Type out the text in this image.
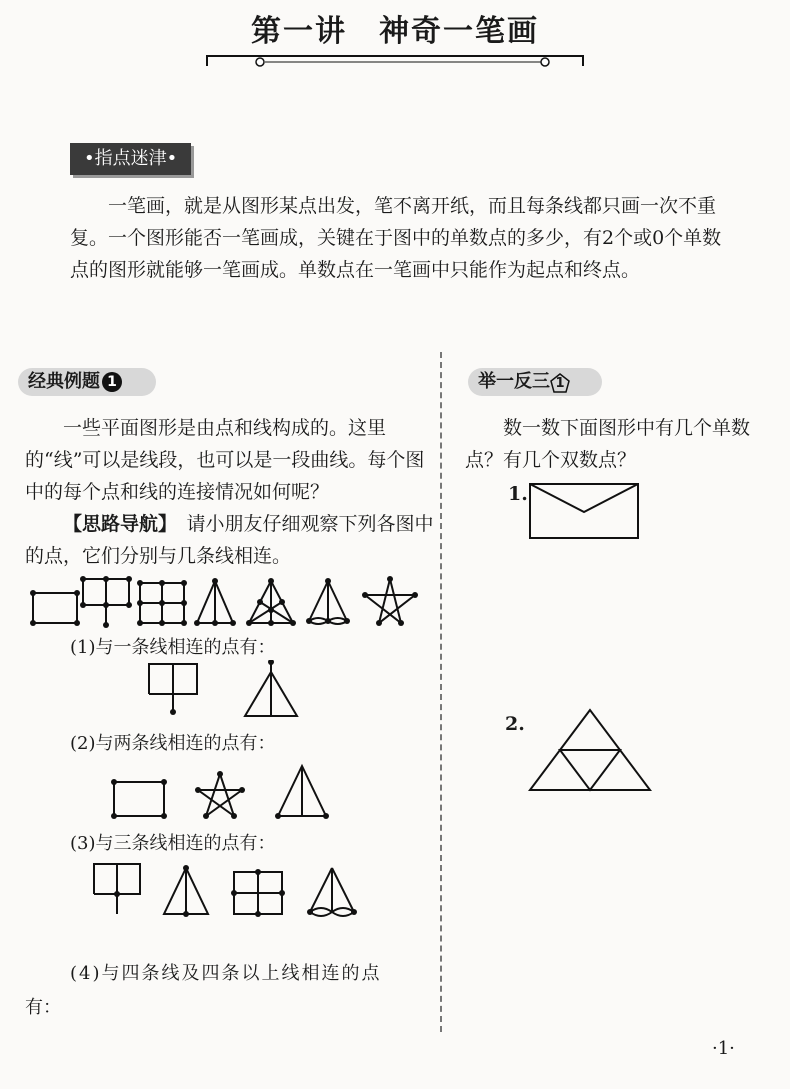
第一讲　神奇一笔画
•指点迷津•

一笔画，就是从图形某点出发，笔不离开纸，而且每条线都只画一次不重复。一个图形能否一笔画成，关键在于图中的单数点的多少，有2个或0个单数点的图形就能够一笔画成。单数点在一笔画中只能作为起点和终点。

经典例题 1

一些平面图形是由点和线构成的。这里的“线”可以是线段，也可以是一段曲线。每个图中的每个点和线的连接情况如何呢？

【思路导航】　 请小朋友仔细观察下列各图中的点，它们分别与几条线相连。

(1)与一条线相连的点有：
(2)与两条线相连的点有：
(3)与三条线相连的点有：
(4)与四条线及四条以上线相连的点
有：
举一反三 1

数一数下面图形中有几个单数点？有几个双数点？

1.
2.
·1·
